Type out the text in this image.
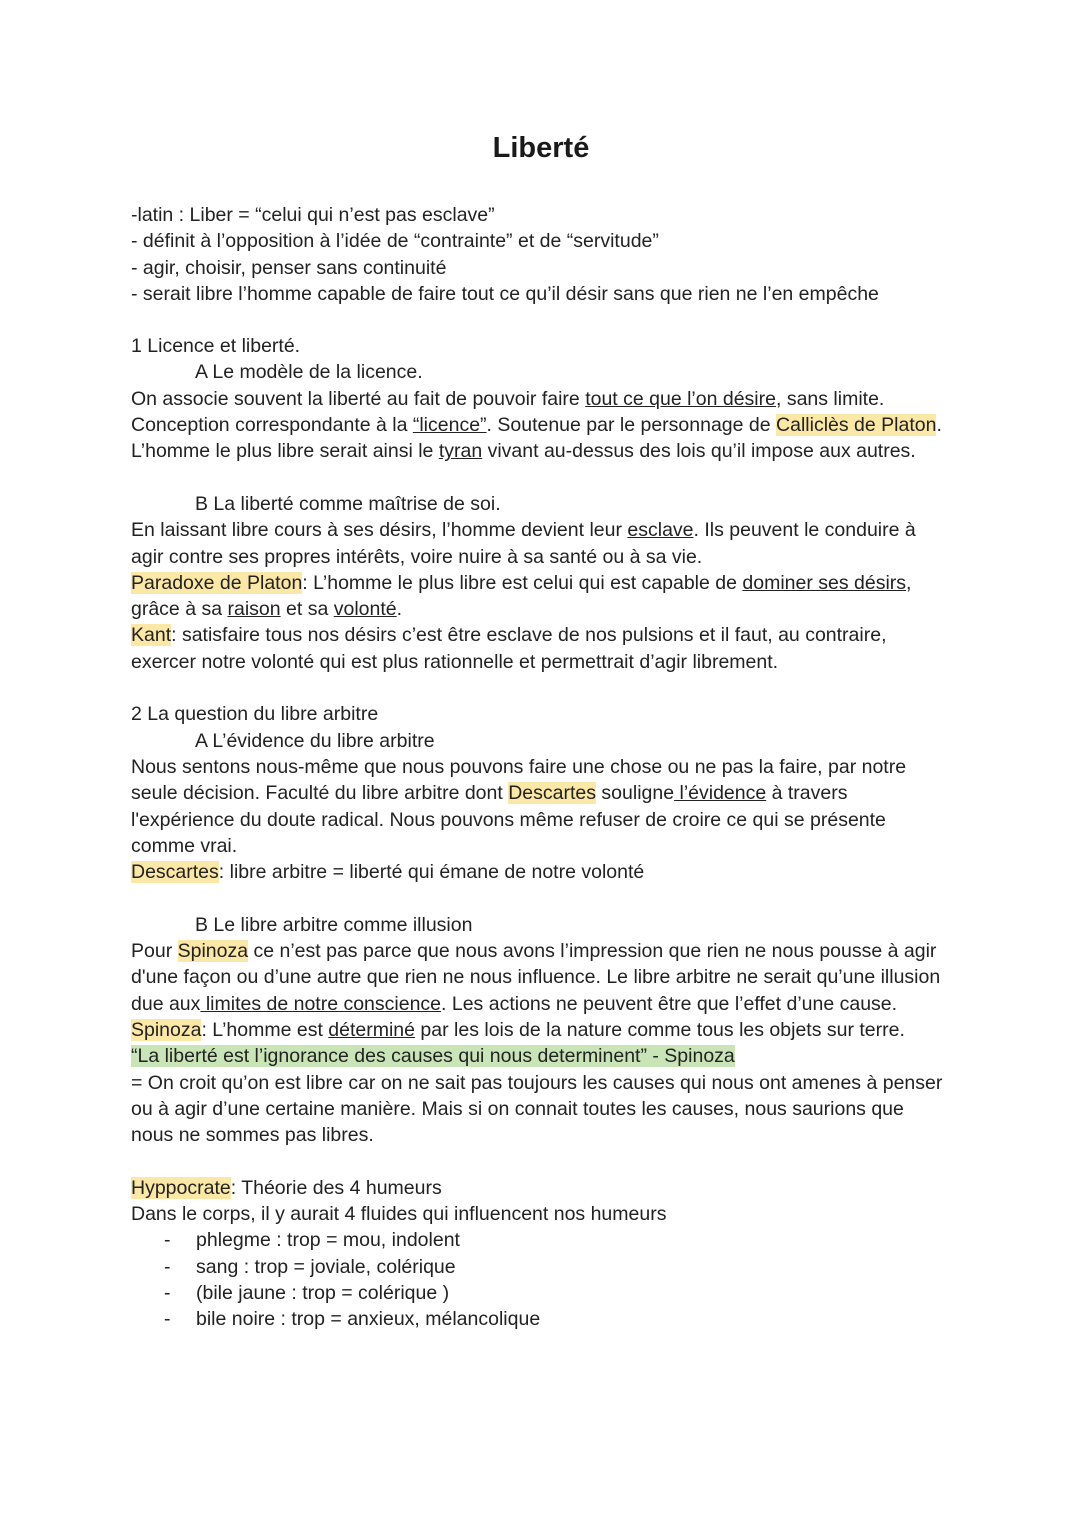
Liberté

-latin : Liber = “celui qui n’est pas esclave”

- définit à l’opposition à l’idée de “contrainte” et de “servitude”

- agir, choisir, penser sans continuité

- serait libre l’homme capable de faire tout ce qu’il désir sans que rien ne l’en empêche

1 Licence et liberté.

A Le modèle de la licence.

On associe souvent la liberté au fait de pouvoir faire tout ce que l’on désire, sans limite. Conception correspondante à la “licence”. Soutenue par le personnage de Calliclès de Platon. L’homme le plus libre serait ainsi le tyran vivant au-dessus des lois qu’il impose aux autres.

B La liberté comme maîtrise de soi.

En laissant libre cours à ses désirs, l’homme devient leur esclave. Ils peuvent le conduire à agir contre ses propres intérêts, voire nuire à sa santé ou à sa vie.

Paradoxe de Platon: L’homme le plus libre est celui qui est capable de dominer ses désirs, grâce à sa raison et sa volonté.

Kant: satisfaire tous nos désirs c’est être esclave de nos pulsions et il faut, au contraire, exercer notre volonté qui est plus rationnelle et permettrait d’agir librement.

2 La question du libre arbitre

A L’évidence du libre arbitre

Nous sentons nous-même que nous pouvons faire une chose ou ne pas la faire, par notre seule décision. Faculté du libre arbitre dont Descartes souligne l’évidence à travers l'expérience du doute radical. Nous pouvons même refuser de croire ce qui se présente comme vrai.

Descartes: libre arbitre = liberté qui émane de notre volonté

B Le libre arbitre comme illusion

Pour Spinoza ce n’est pas parce que nous avons l’impression que rien ne nous pousse à agir d'une façon ou d’une autre que rien ne nous influence. Le libre arbitre ne serait qu’une illusion due aux limites de notre conscience. Les actions ne peuvent être que l’effet d’une cause.

Spinoza: L’homme est déterminé par les lois de la nature comme tous les objets sur terre.

“La liberté est l’ignorance des causes qui nous determinent” - Spinoza

= On croit qu’on est libre car on ne sait pas toujours les causes qui nous ont amenes à penser ou à agir d’une certaine manière. Mais si on connait toutes les causes, nous saurions que nous ne sommes pas libres.

Hyppocrate: Théorie des 4 humeurs

Dans le corps, il y aurait 4 fluides qui influencent nos humeurs

- phlegme : trop = mou, indolent
- sang : trop = joviale, colérique
- (bile jaune : trop = colérique )
- bile noire : trop = anxieux, mélancolique
